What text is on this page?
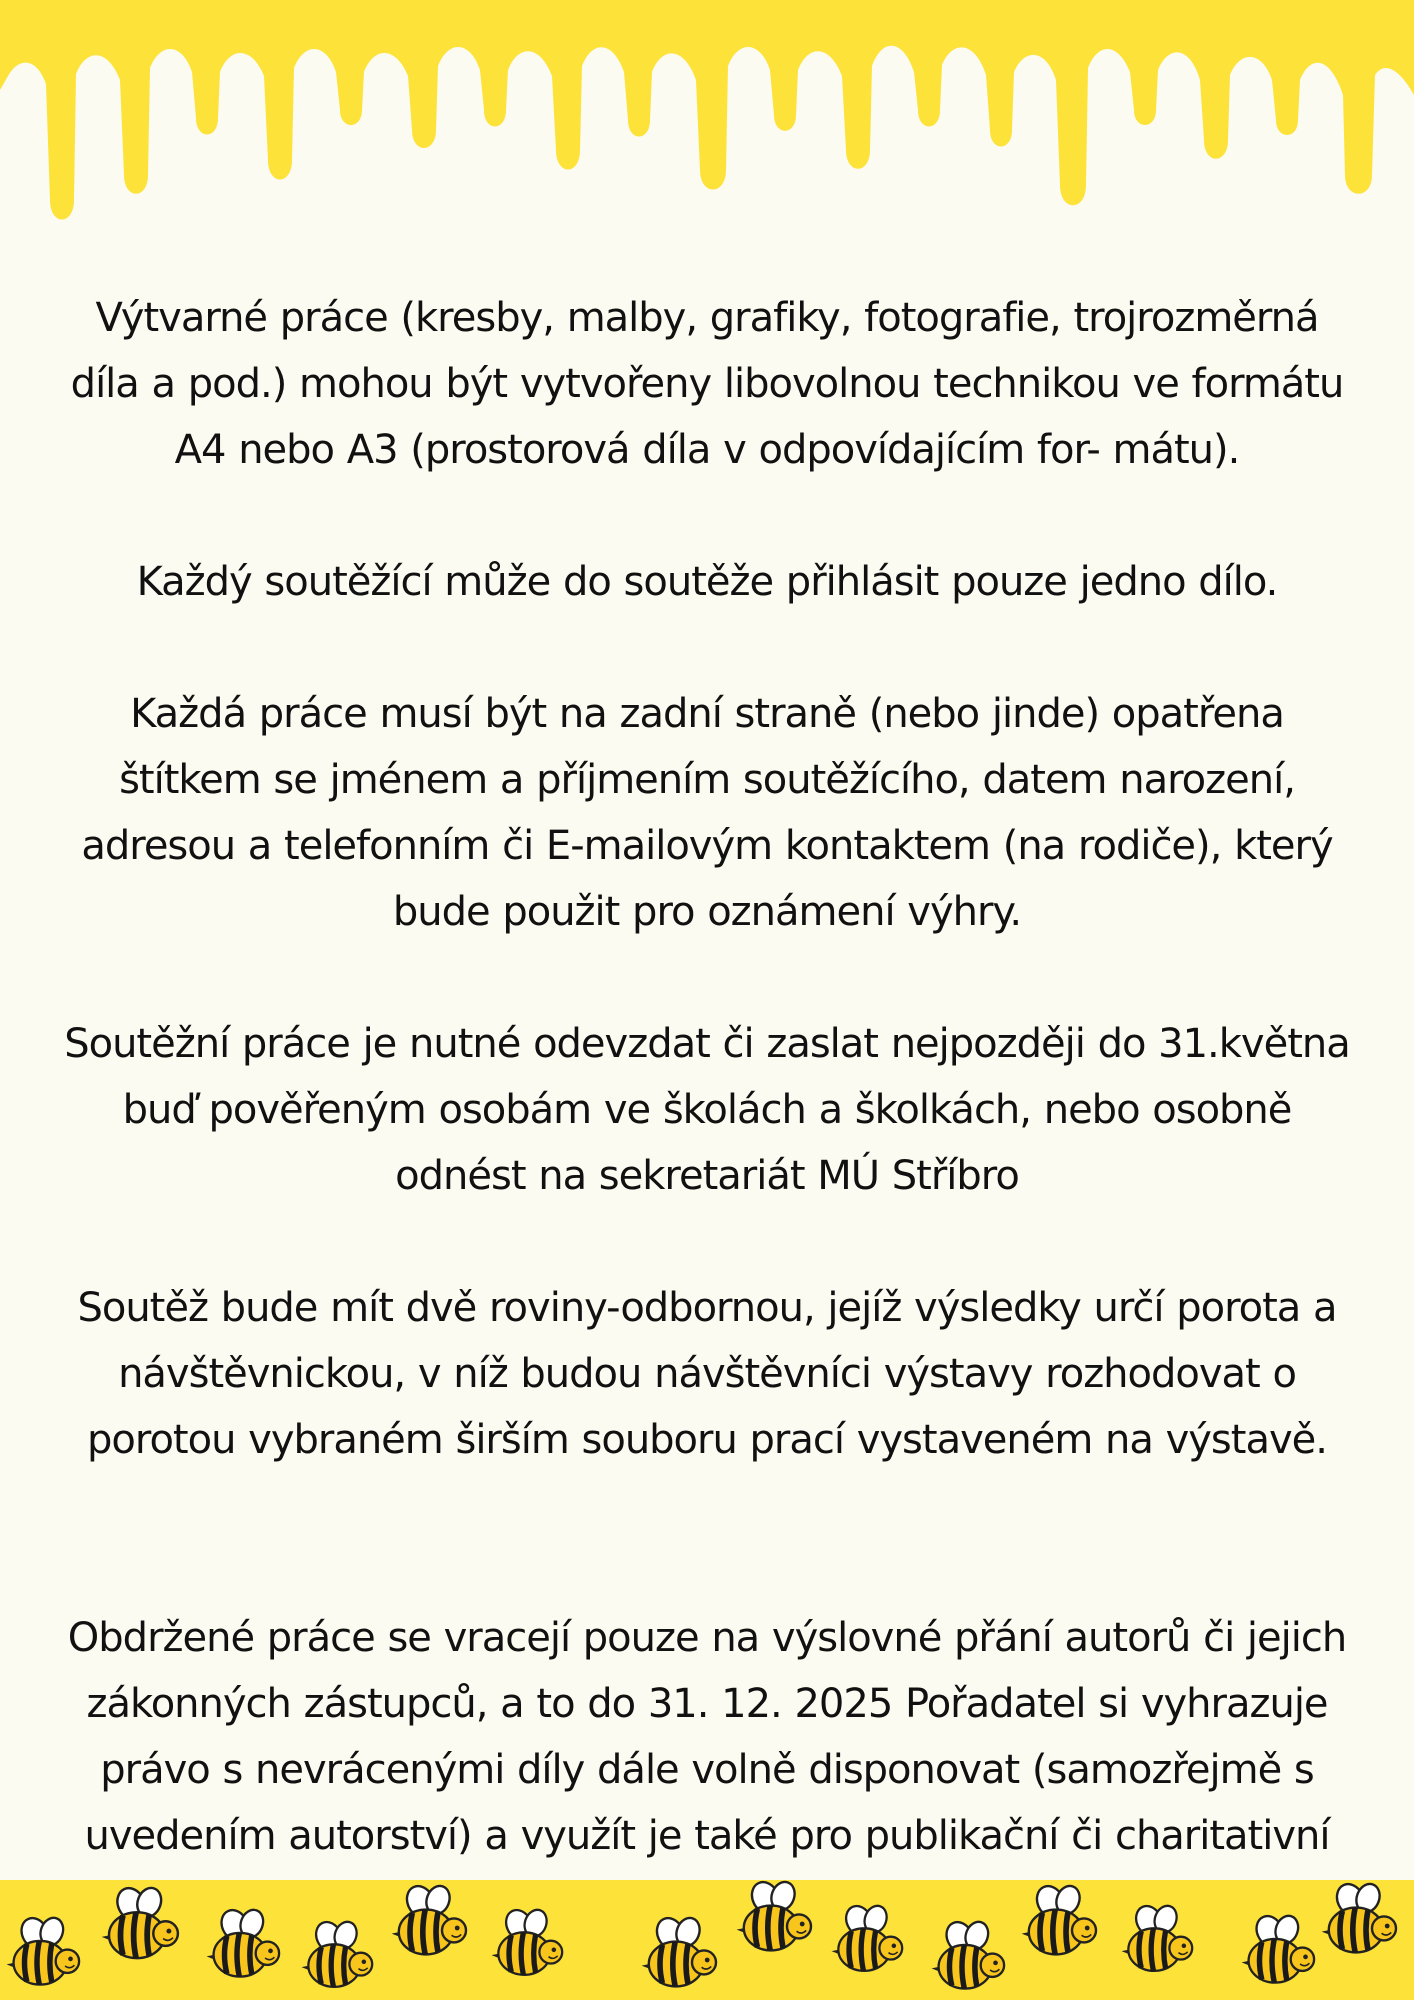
Výtvarné práce (kresby, malby, grafiky, fotografie, trojrozměrná
díla a pod.) mohou být vytvořeny libovolnou technikou ve formátu
A4 nebo A3 (prostorová díla v odpovídajícím for- mátu).

Každý soutěžící může do soutěže přihlásit pouze jedno dílo.

Každá práce musí být na zadní straně (nebo jinde) opatřena
štítkem se jménem a příjmením soutěžícího, datem narození,
adresou a telefonním či E-mailovým kontaktem (na rodiče), který
bude použit pro oznámení výhry.

Soutěžní práce je nutné odevzdat či zaslat nejpozději do 31.května
buď pověřeným osobám ve školách a školkách, nebo osobně
odnést na sekretariát MÚ Stříbro

Soutěž bude mít dvě roviny-odbornou, jejíž výsledky určí porota a
návštěvnickou, v níž budou návštěvníci výstavy rozhodovat o
porotou vybraném širším souboru prací vystaveném na výstavě.

Obdržené práce se vracejí pouze na výslovné přání autorů či jejich
zákonných zástupců, a to do 31. 12. 2025 Pořadatel si vyhrazuje
právo s nevrácenými díly dále volně disponovat (samozřejmě s
uvedením autorství) a využít je také pro publikační či charitativní
